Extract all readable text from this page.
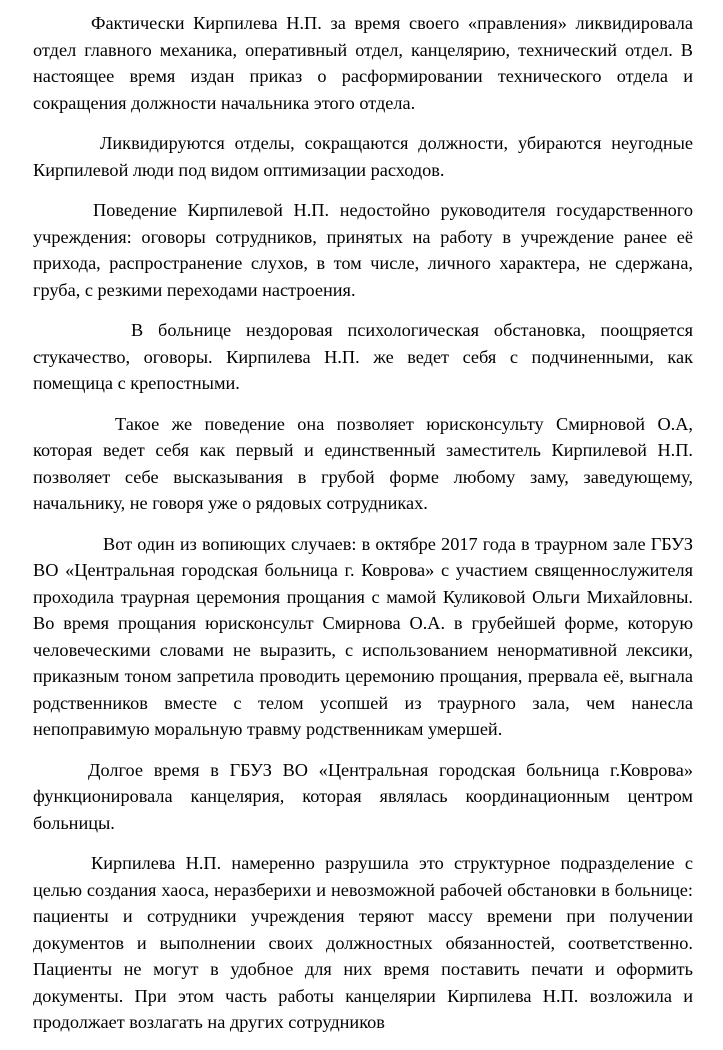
Фактически Кирпилева Н.П. за время своего «правления» ликвидировала отдел главного механика, оперативный отдел, канцелярию, технический отдел. В настоящее время издан приказ о расформировании технического отдела и сокращения должности начальника этого отдела.

Ликвидируются отделы, сокращаются должности, убираются неугодные Кирпилевой люди под видом оптимизации расходов.

Поведение Кирпилевой Н.П. недостойно руководителя государственного учреждения: оговоры сотрудников, принятых на работу в учреждение ранее её прихода, распространение слухов, в том числе, личного характера, не сдержана, груба, с резкими переходами настроения.

В больнице нездоровая психологическая обстановка, поощряется стукачество, оговоры. Кирпилева Н.П. же ведет себя с подчиненными, как помещица с крепостными.

Такое же поведение она позволяет юрисконсульту Смирновой О.А, которая ведет себя как первый и единственный заместитель Кирпилевой Н.П. позволяет себе высказывания в грубой форме любому заму, заведующему, начальнику, не говоря уже о рядовых сотрудниках.

Вот один из вопиющих случаев: в октябре 2017 года в траурном зале ГБУЗ ВО «Центральная городская больница г. Коврова» с участием священнослужителя проходила траурная церемония прощания с мамой Куликовой Ольги Михайловны. Во время прощания юрисконсульт Смирнова О.А. в грубейшей форме, которую человеческими словами не выразить, с использованием ненормативной лексики, приказным тоном запретила проводить церемонию прощания, прервала её, выгнала родственников вместе с телом усопшей из траурного зала, чем нанесла непоправимую моральную травму родственникам умершей.

Долгое время в ГБУЗ ВО «Центральная городская больница г.Коврова» функционировала канцелярия, которая являлась координационным центром больницы.

Кирпилева Н.П. намеренно разрушила это структурное подразделение с целью создания хаоса, неразберихи и невозможной рабочей обстановки в больнице: пациенты и сотрудники учреждения теряют массу времени при получении документов и выполнении своих должностных обязанностей, соответственно. Пациенты не могут в удобное для них время поставить печати и оформить документы. При этом часть работы канцелярии Кирпилева Н.П. возложила и продолжает возлагать на других сотрудников
